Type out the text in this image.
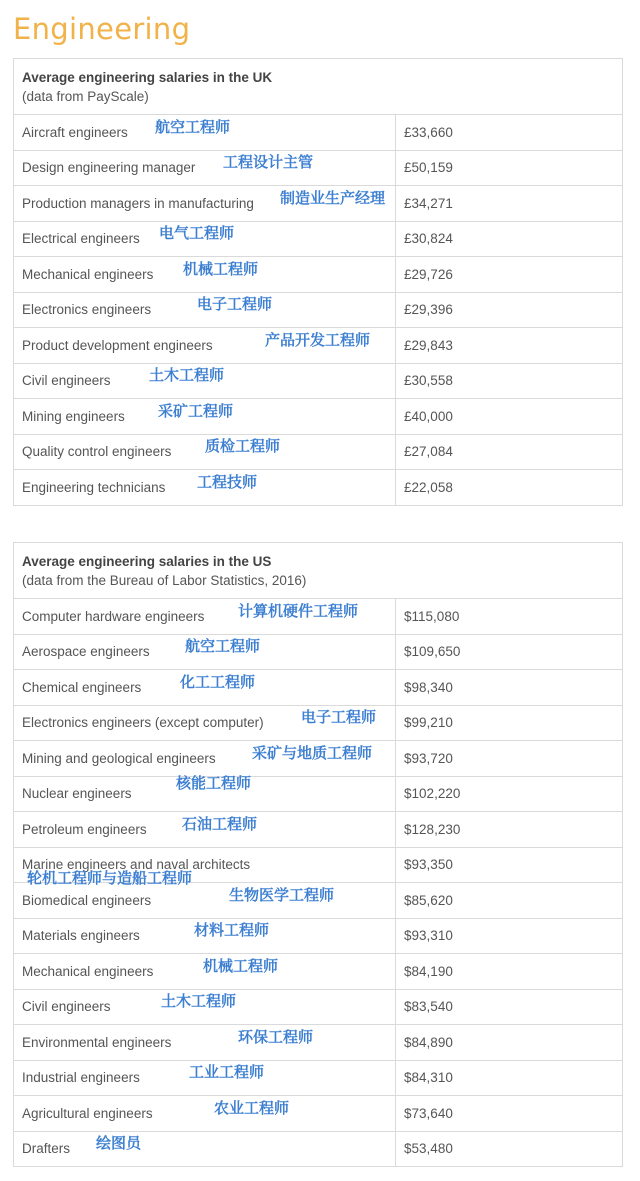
Engineering
Average engineering salaries in the UK
(data from PayScale)	

Aircraft engineers 航空工程师	£33,660

Design engineering manager 工程设计主管	£50,159

Production managers in manufacturing 制造业生产经理	£34,271

Electrical engineers 电气工程师	£30,824

Mechanical engineers 机械工程师	£29,726

Electronics engineers 电子工程师	£29,396

Product development engineers 产品开发工程师	£29,843

Civil engineers 土木工程师	£30,558

Mining engineers 采矿工程师	£40,000

Quality control engineers 质检工程师	£27,084

Engineering technicians 工程技师	£22,058
Average engineering salaries in the US
(data from the Bureau of Labor Statistics, 2016)	

Computer hardware engineers 计算机硬件工程师	$115,080

Aerospace engineers 航空工程师	$109,650

Chemical engineers 化工工程师	$98,340

Electronics engineers (except computer) 电子工程师	$99,210

Mining and geological engineers 采矿与地质工程师	$93,720

Nuclear engineers
核能工程师	$102,220

Petroleum engineers 石油工程师	$128,230

Marine engineers and naval architects
轮机工程师与造船工程师	$93,350

Biomedical engineers 生物医学工程师	$85,620

Materials engineers 材料工程师	$93,310

Mechanical engineers 机械工程师	$84,190

Civil engineers 土木工程师	$83,540

Environmental engineers 环保工程师	$84,890

Industrial engineers 工业工程师	$84,310

Agricultural engineers 农业工程师	$73,640

Drafters 绘图员	$53,480
